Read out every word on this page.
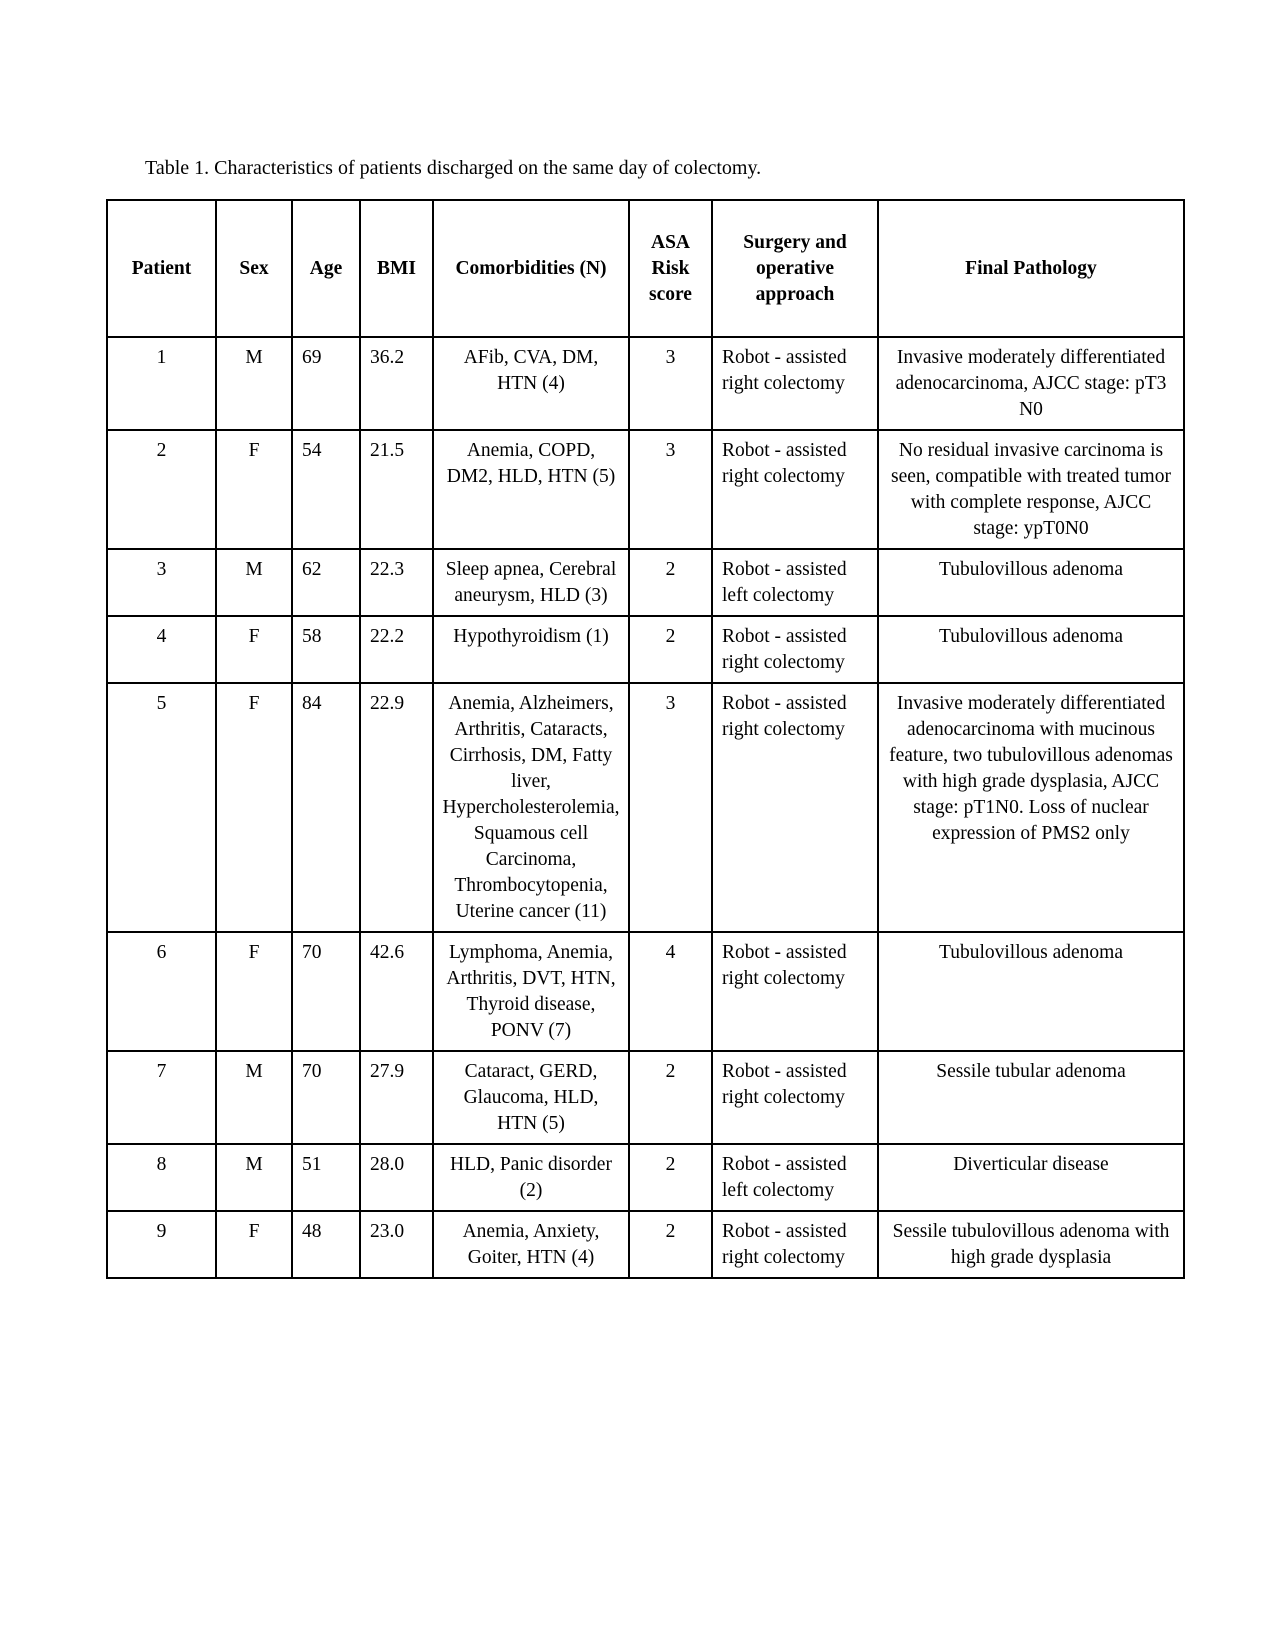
Table 1. Characteristics of patients discharged on the same day of colectomy.
Patient	Sex	Age	BMI	Comorbidities (N)	ASA Risk score	Surgery and operative approach	Final Pathology
1	M	69	36.2	AFib, CVA, DM, HTN (4)	3	Robot - assisted right colectomy	Invasive moderately differentiated adenocarcinoma, AJCC stage: pT3 N0
2	F	54	21.5	Anemia, COPD, DM2, HLD, HTN (5)	3	Robot - assisted right colectomy	No residual invasive carcinoma is seen, compatible with treated tumor with complete response, AJCC stage: ypT0N0
3	M	62	22.3	Sleep apnea, Cerebral aneurysm, HLD (3)	2	Robot - assisted left colectomy	Tubulovillous adenoma
4	F	58	22.2	Hypothyroidism (1)	2	Robot - assisted right colectomy	Tubulovillous adenoma
5	F	84	22.9	Anemia, Alzheimers, Arthritis, Cataracts, Cirrhosis, DM, Fatty liver, Hypercholesterolemia, Squamous cell Carcinoma, Thrombocytopenia, Uterine cancer (11)	3	Robot - assisted right colectomy	Invasive moderately differentiated adenocarcinoma with mucinous feature, two tubulovillous adenomas with high grade dysplasia, AJCC stage: pT1N0. Loss of nuclear expression of PMS2 only
6	F	70	42.6	Lymphoma, Anemia, Arthritis, DVT, HTN, Thyroid disease, PONV (7)	4	Robot - assisted right colectomy	Tubulovillous adenoma
7	M	70	27.9	Cataract, GERD, Glaucoma, HLD, HTN (5)	2	Robot - assisted right colectomy	Sessile tubular adenoma
8	M	51	28.0	HLD, Panic disorder (2)	2	Robot - assisted left colectomy	Diverticular disease
9	F	48	23.0	Anemia, Anxiety, Goiter, HTN (4)	2	Robot - assisted right colectomy	Sessile tubulovillous adenoma with high grade dysplasia
